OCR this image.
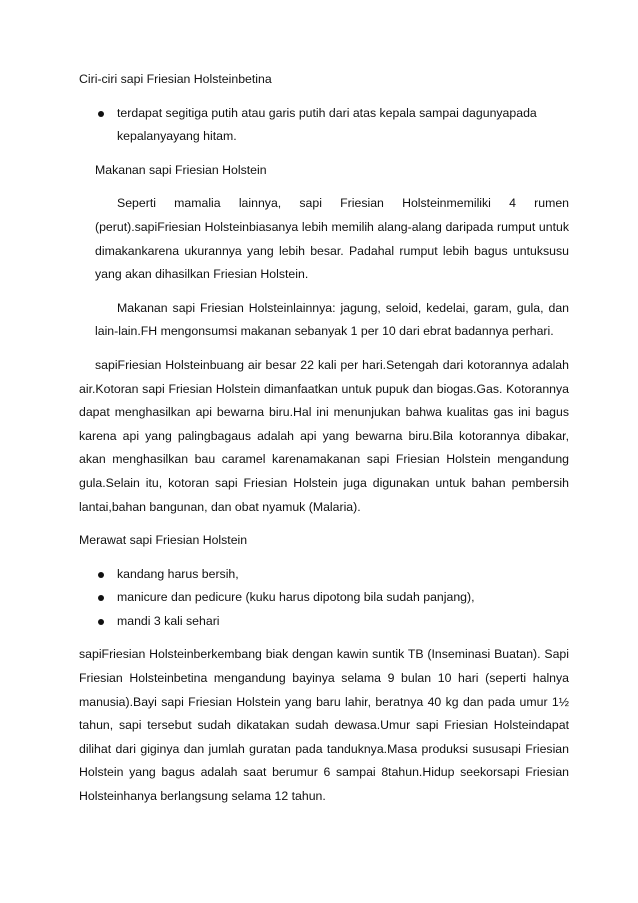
Ciri-ciri sapi Friesian Holsteinbetina

terdapat segitiga putih atau garis putih dari atas kepala sampai dagunyapada kepalanyayang hitam.

Makanan sapi Friesian Holstein

Seperti mamalia lainnya, sapi Friesian Holsteinmemiliki 4 rumen (perut).sapiFriesian Holsteinbiasanya lebih memilih alang-alang daripada rumput untuk dimakankarena ukurannya yang lebih besar. Padahal rumput lebih bagus untuksusu yang akan dihasilkan Friesian Holstein.

Makanan sapi Friesian Holsteinlainnya: jagung, seloid, kedelai, garam, gula, dan lain-lain.FH mengonsumsi makanan sebanyak 1 per 10 dari ebrat badannya perhari.

sapiFriesian Holsteinbuang air besar 22 kali per hari.Setengah dari kotorannya adalah air.Kotoran sapi Friesian Holstein dimanfaatkan untuk pupuk dan biogas.Gas. Kotorannya dapat menghasilkan api bewarna biru.Hal ini menunjukan bahwa kualitas gas ini bagus karena api yang palingbagaus adalah api yang bewarna biru.Bila kotorannya dibakar, akan menghasilkan bau caramel karenamakanan sapi Friesian Holstein mengandung gula.Selain itu, kotoran sapi Friesian Holstein juga digunakan untuk bahan pembersih lantai,bahan bangunan, dan obat nyamuk (Malaria).

Merawat sapi Friesian Holstein

kandang harus bersih,
manicure dan pedicure (kuku harus dipotong bila sudah panjang),
mandi 3 kali sehari

sapiFriesian Holsteinberkembang biak dengan kawin suntik TB (Inseminasi Buatan). Sapi Friesian Holsteinbetina mengandung bayinya selama 9 bulan 10 hari (seperti halnya manusia).Bayi sapi Friesian Holstein yang baru lahir, beratnya 40 kg dan pada umur 1½ tahun, sapi tersebut sudah dikatakan sudah dewasa.Umur sapi Friesian Holsteindapat dilihat dari giginya dan jumlah guratan pada tanduknya.Masa produksi sususapi Friesian Holstein yang bagus adalah saat berumur 6 sampai 8tahun.Hidup seekorsapi Friesian Holsteinhanya berlangsung selama 12 tahun.
